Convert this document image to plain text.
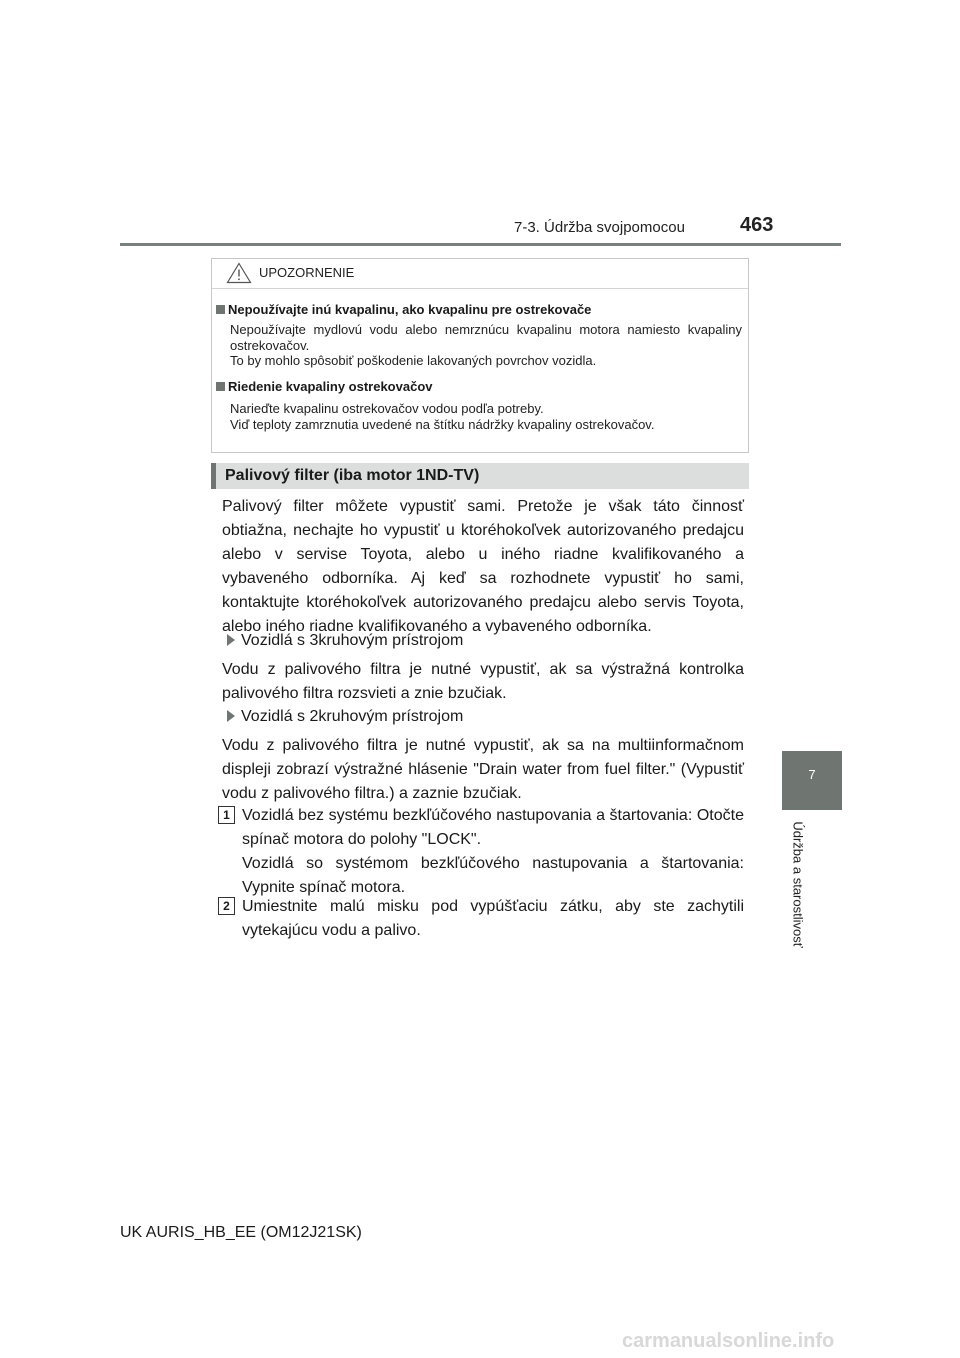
7-3. Údržba svojpomocou	463
7
Údržba a starostlivosť
UPOZORNENIE
Nepoužívajte inú kvapalinu, ako kvapalinu pre ostrekovače
Nepoužívajte mydlovú vodu alebo nemrznúcu kvapalinu motora namiesto kvapaliny ostrekovačov.
To by mohlo spôsobiť poškodenie lakovaných povrchov vozidla.
Riedenie kvapaliny ostrekovačov
Narieďte kvapalinu ostrekovačov vodou podľa potreby.
Viď teploty zamrznutia uvedené na štítku nádržky kvapaliny ostrekovačov.
Palivový filter (iba motor 1ND-TV)
Palivový filter môžete vypustiť sami. Pretože je však táto činnosť obtiažna, nechajte ho vypustiť u ktoréhokoľvek autorizovaného predajcu alebo v servise Toyota, alebo u iného riadne kvalifikovaného a vybaveného odborníka. Aj keď sa rozhodnete vypustiť ho sami, kontaktujte ktoréhokoľvek autorizovaného predajcu alebo servis Toyota, alebo iného riadne kvalifikovaného a vybaveného odborníka.
Vozidlá s 3kruhovým prístrojom
Vodu z palivového filtra je nutné vypustiť, ak sa výstražná kontrolka palivového filtra rozsvieti a znie bzučiak.
Vozidlá s 2kruhovým prístrojom
Vodu z palivového filtra je nutné vypustiť, ak sa na multiinformačnom displeji zobrazí výstražné hlásenie "Drain water from fuel filter." (Vypustiť vodu z palivového filtra.) a zaznie bzučiak.
1 Vozidlá bez systému bezkľúčového nastupovania a štartovania: Otočte spínač motora do polohy "LOCK".
Vozidlá so systémom bezkľúčového nastupovania a štartovania: Vypnite spínač motora.
2 Umiestnite malú misku pod vypúšťaciu zátku, aby ste zachytili vytekajúcu vodu a palivo.
UK AURIS_HB_EE (OM12J21SK)
carmanualsonline.info
